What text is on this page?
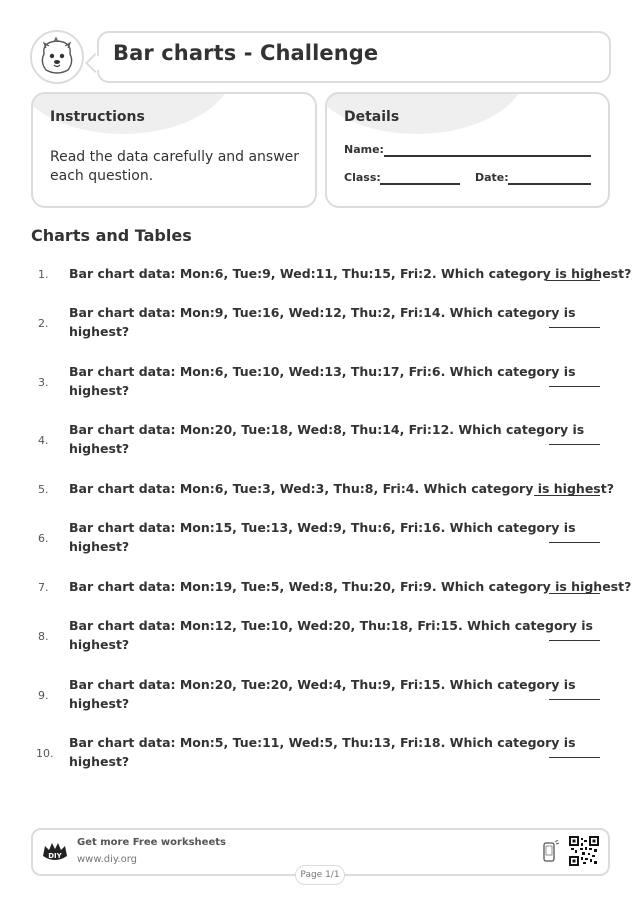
Bar charts - Challenge
Instructions
Read the data carefully and answer
each question.
Details
Name:
Class:	Date:
Charts and Tables
1. Bar chart data: Mon:6, Tue:9, Wed:11, Thu:15, Fri:2. Which category is highest?
2.
Bar chart data: Mon:9, Tue:16, Wed:12, Thu:2, Fri:14. Which category is
highest?
3.
Bar chart data: Mon:6, Tue:10, Wed:13, Thu:17, Fri:6. Which category is
highest?
4.
Bar chart data: Mon:20, Tue:18, Wed:8, Thu:14, Fri:12. Which category is
highest?
5. Bar chart data: Mon:6, Tue:3, Wed:3, Thu:8, Fri:4. Which category is highest?
6.
Bar chart data: Mon:15, Tue:13, Wed:9, Thu:6, Fri:16. Which category is
highest?
7. Bar chart data: Mon:19, Tue:5, Wed:8, Thu:20, Fri:9. Which category is highest?
8.
Bar chart data: Mon:12, Tue:10, Wed:20, Thu:18, Fri:15. Which category is
highest?
9.
Bar chart data: Mon:20, Tue:20, Wed:4, Thu:9, Fri:15. Which category is
highest?
10.
Bar chart data: Mon:5, Tue:11, Wed:5, Thu:13, Fri:18. Which category is
highest?
DIY
Get more Free worksheets
www.diy.org
Page 1/1
